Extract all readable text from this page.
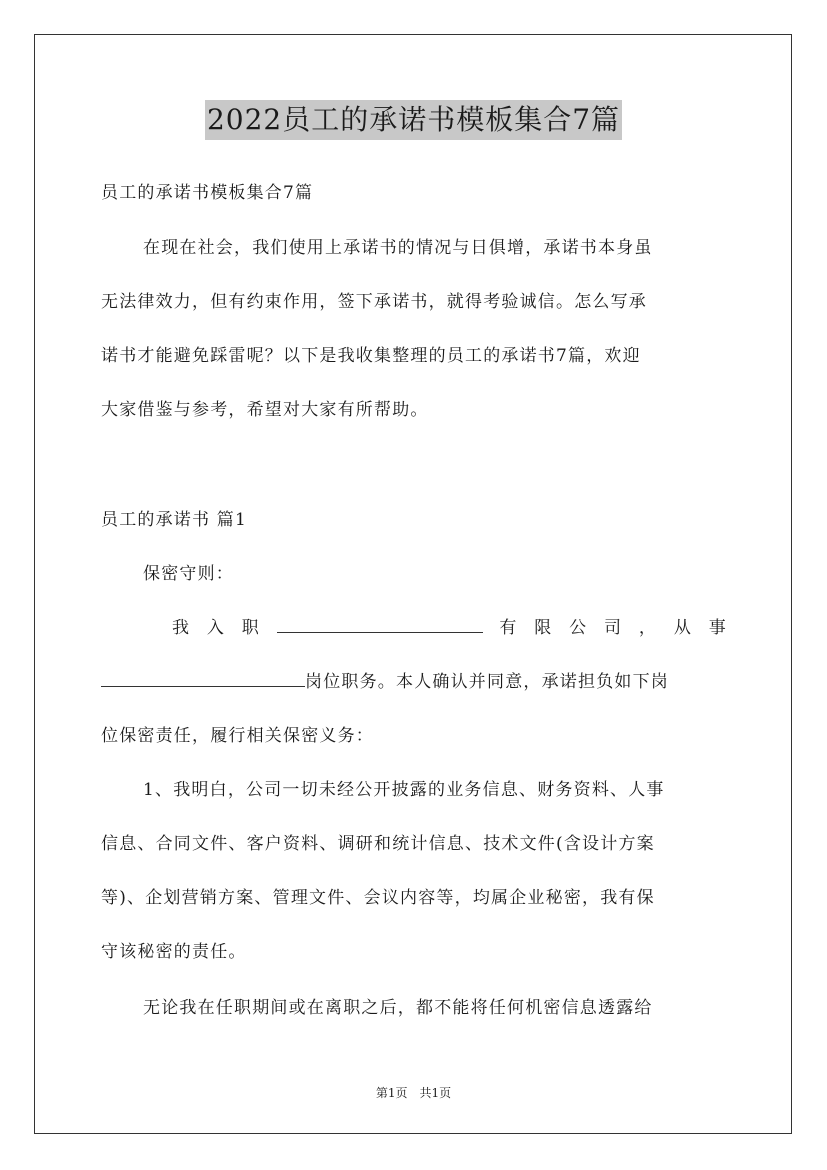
2022员工的承诺书模板集合7篇
员工的承诺书模板集合7篇
在现在社会，我们使用上承诺书的情况与日俱增，承诺书本身虽
无法律效力，但有约束作用，签下承诺书，就得考验诚信。怎么写承
诺书才能避免踩雷呢？以下是我收集整理的员工的承诺书7篇，欢迎
大家借鉴与参考，希望对大家有所帮助。
员工的承诺书 篇1
保密守则：
我 入 职	有 限 公 司 ， 从 事
岗位职务。本人确认并同意，承诺担负如下岗
位保密责任，履行相关保密义务：
1、我明白，公司一切未经公开披露的业务信息、财务资料、人事
信息、合同文件、客户资料、调研和统计信息、技术文件(含设计方案
等)、企划营销方案、管理文件、会议内容等，均属企业秘密，我有保
守该秘密的责任。
无论我在任职期间或在离职之后，都不能将任何机密信息透露给
第1页　共1页
